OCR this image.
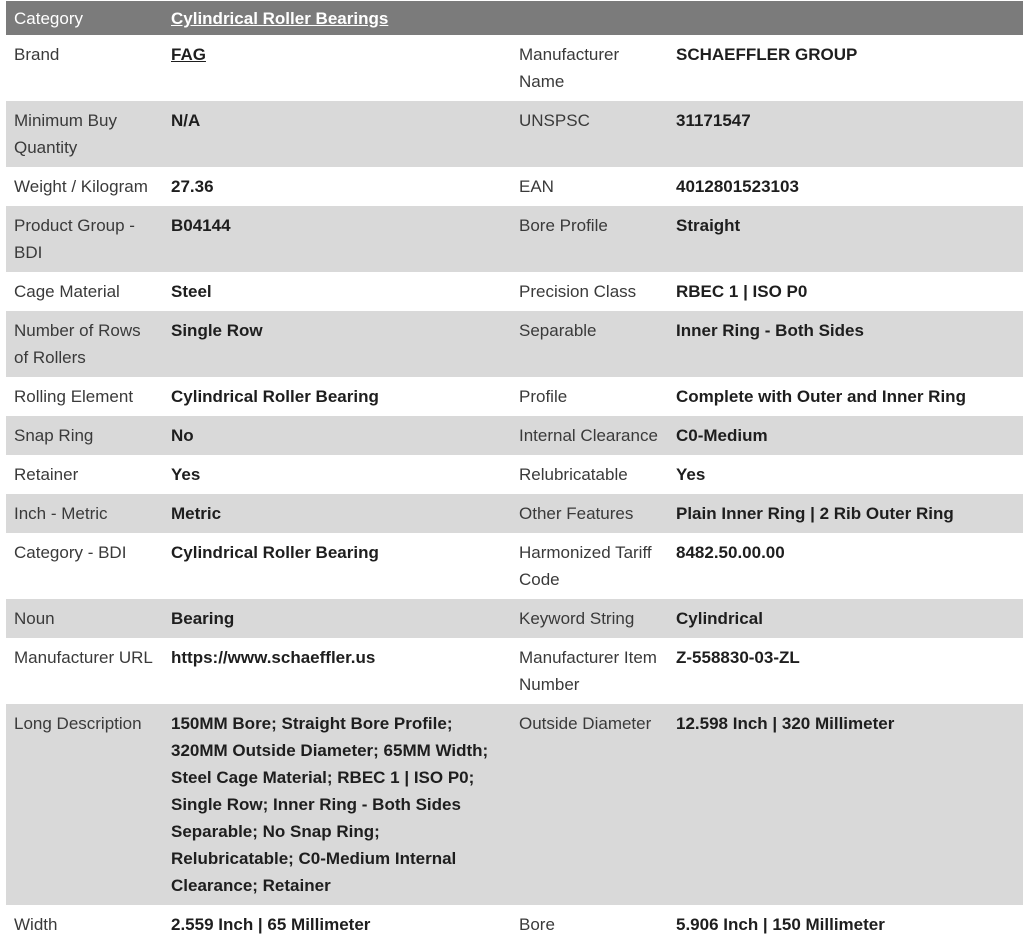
Category	Cylindrical Roller Bearings		
Brand	FAG	Manufacturer Name	SCHAEFFLER GROUP
Minimum Buy Quantity	N/A	UNSPSC	31171547
Weight / Kilogram	27.36	EAN	4012801523103
Product Group - BDI	B04144	Bore Profile	Straight
Cage Material	Steel	Precision Class	RBEC 1 | ISO P0
Number of Rows of Rollers	Single Row	Separable	Inner Ring - Both Sides
Rolling Element	Cylindrical Roller Bearing	Profile	Complete with Outer and Inner Ring
Snap Ring	No	Internal Clearance	C0-Medium
Retainer	Yes	Relubricatable	Yes
Inch - Metric	Metric	Other Features	Plain Inner Ring | 2 Rib Outer Ring
Category - BDI	Cylindrical Roller Bearing	Harmonized Tariff Code	8482.50.00.00
Noun	Bearing	Keyword String	Cylindrical
Manufacturer URL	https://www.schaeffler.us	Manufacturer Item Number	Z-558830-03-ZL
Long Description	150MM Bore; Straight Bore Profile; 320MM Outside Diameter; 65MM Width; Steel Cage Material; RBEC 1 | ISO P0; Single Row; Inner Ring - Both Sides Separable; No Snap Ring; Relubricatable; C0-Medium Internal Clearance; Retainer	Outside Diameter	12.598 Inch | 320 Millimeter
Width	2.559 Inch | 65 Millimeter	Bore	5.906 Inch | 150 Millimeter
